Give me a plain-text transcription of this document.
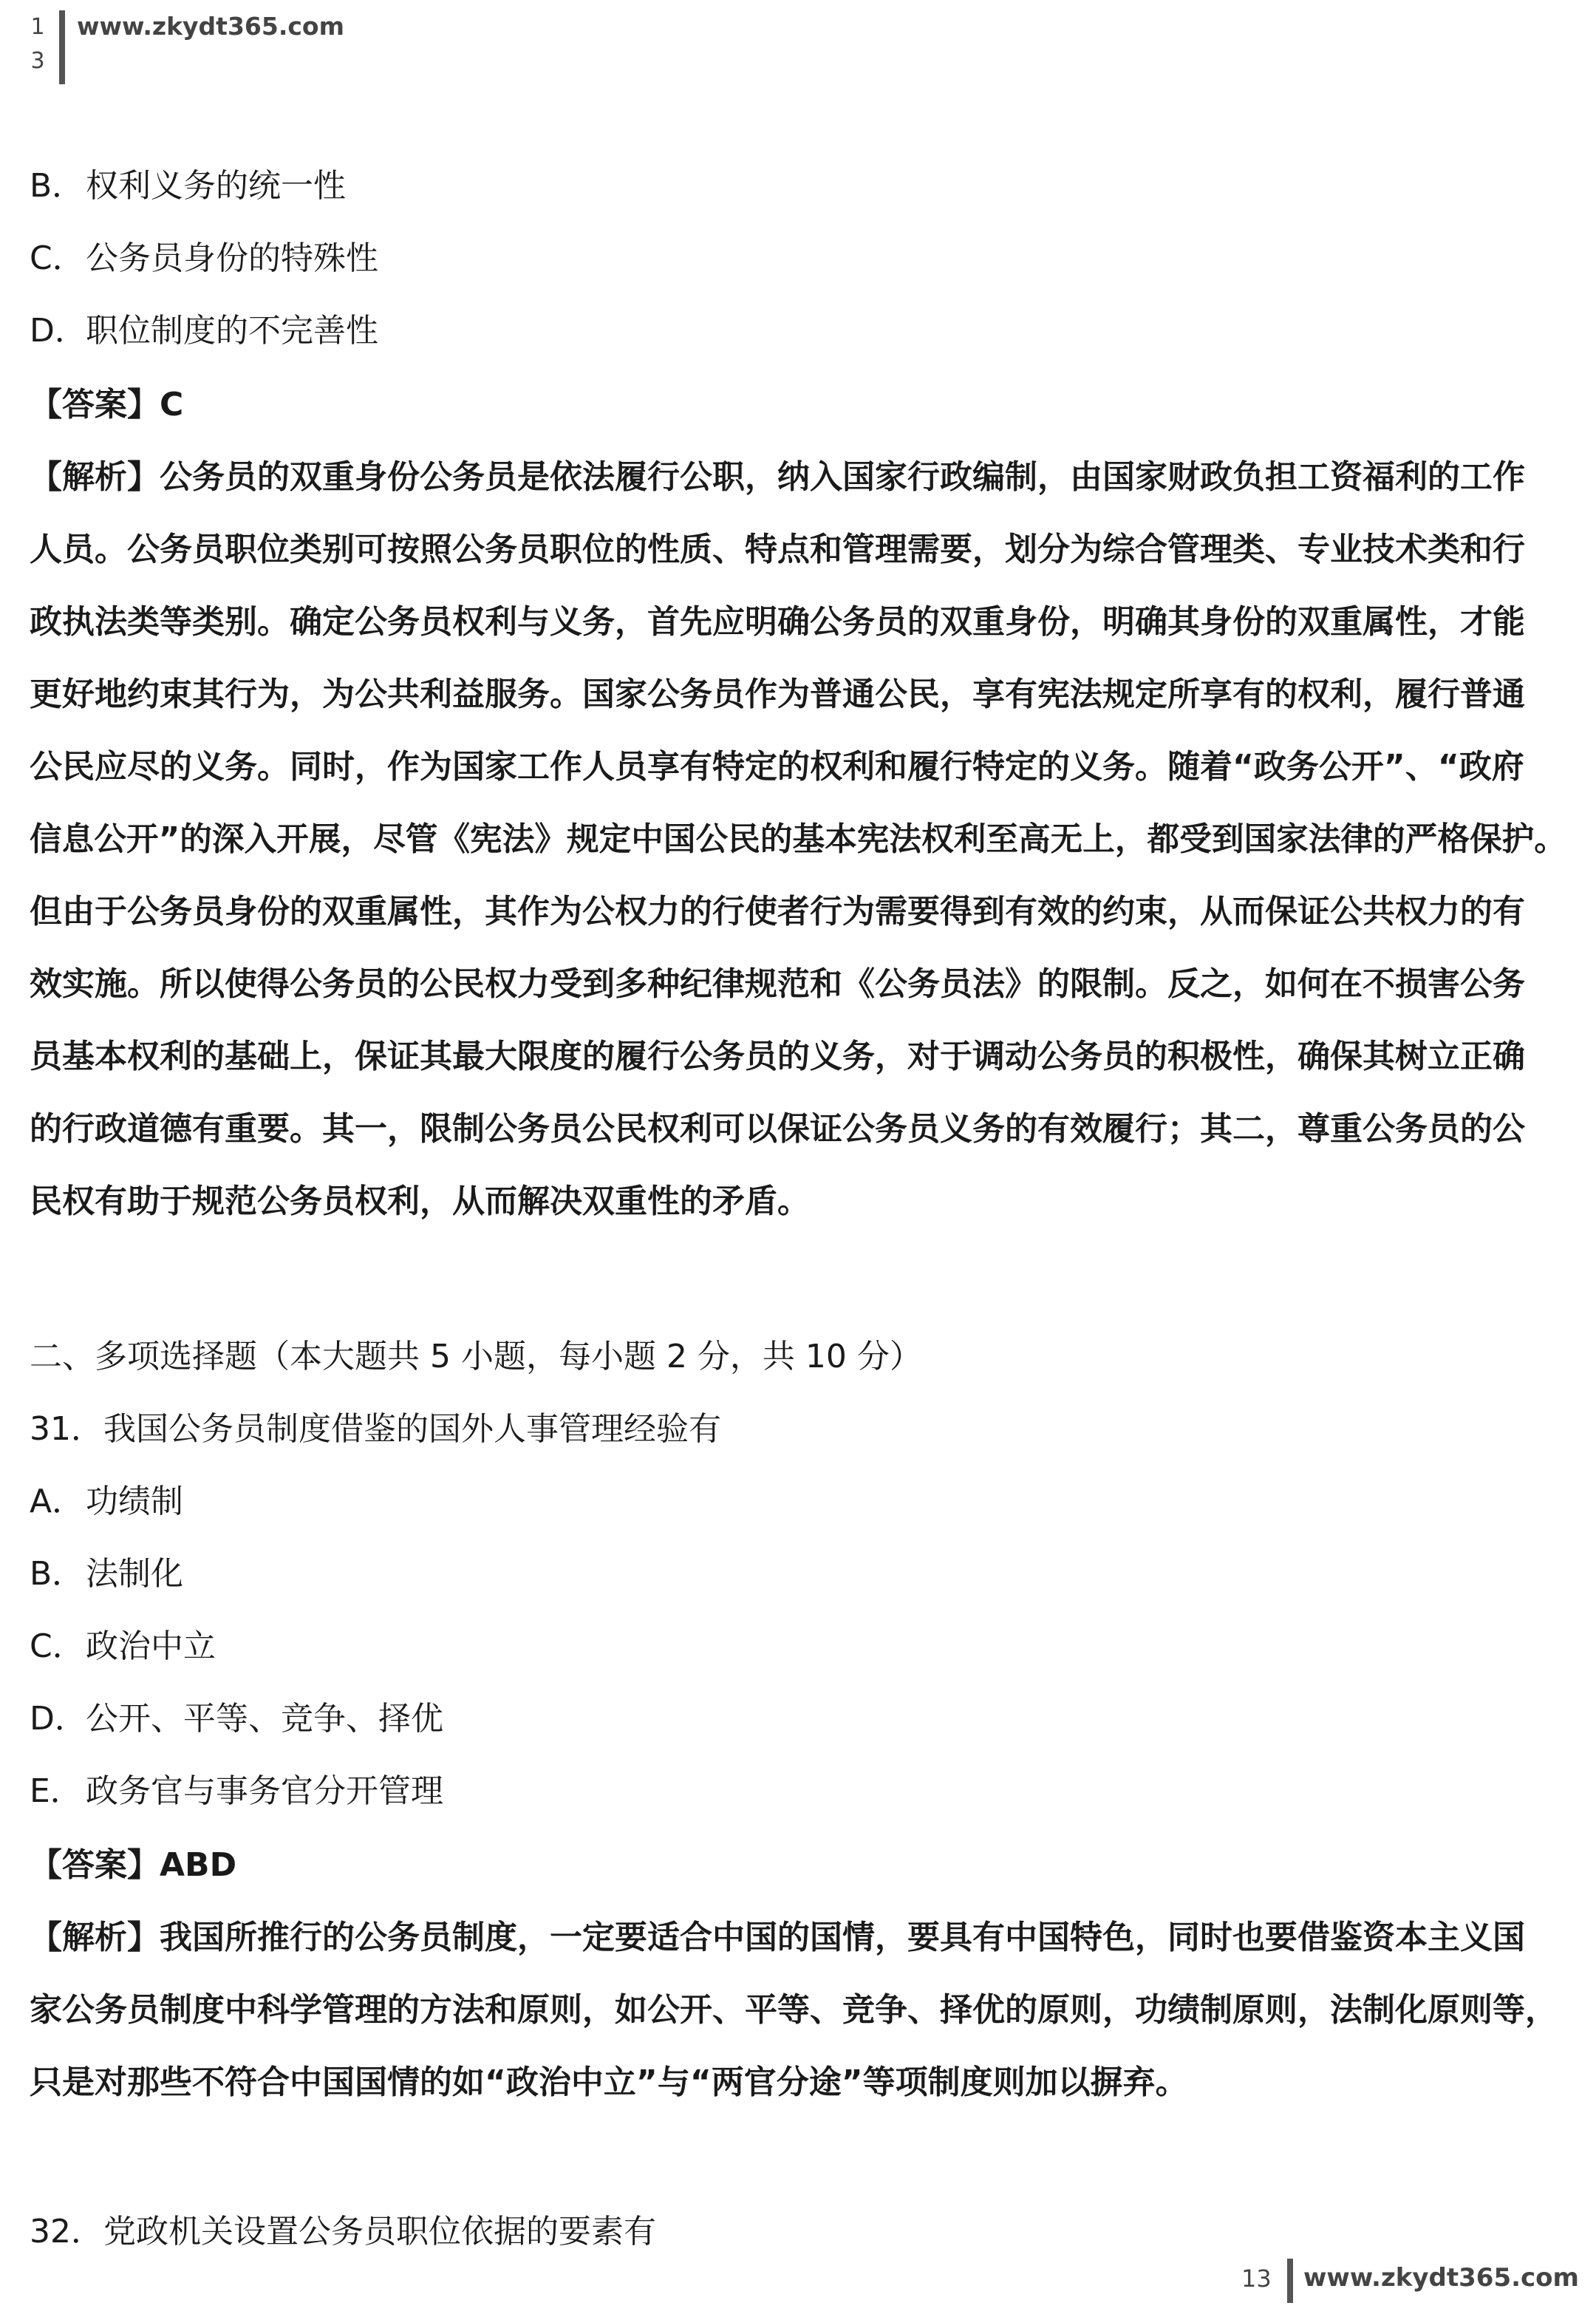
1
3
www.zkydt365.com
B．权利义务的统一性
C．公务员身份的特殊性
D．职位制度的不完善性
【答案】C
【解析】公务员的双重身份公务员是依法履行公职，纳入国家行政编制，由国家财政负担工资福利的工作
人员。公务员职位类别可按照公务员职位的性质、特点和管理需要，划分为综合管理类、专业技术类和行
政执法类等类别。确定公务员权利与义务，首先应明确公务员的双重身份，明确其身份的双重属性，才能
更好地约束其行为，为公共利益服务。国家公务员作为普通公民，享有宪法规定所享有的权利，履行普通
公民应尽的义务。同时，作为国家工作人员享有特定的权利和履行特定的义务。随着“政务公开”、“政府
信息公开”的深入开展，尽管《宪法》规定中国公民的基本宪法权利至高无上，都受到国家法律的严格保护。
但由于公务员身份的双重属性，其作为公权力的行使者行为需要得到有效的约束，从而保证公共权力的有
效实施。所以使得公务员的公民权力受到多种纪律规范和《公务员法》的限制。反之，如何在不损害公务
员基本权利的基础上，保证其最大限度的履行公务员的义务，对于调动公务员的积极性，确保其树立正确
的行政道德有重要。其一，限制公务员公民权利可以保证公务员义务的有效履行；其二，尊重公务员的公
民权有助于规范公务员权利，从而解决双重性的矛盾。
二、多项选择题（本大题共 5 小题，每小题 2 分，共 10 分）
31．我国公务员制度借鉴的国外人事管理经验有
A．功绩制
B．法制化
C．政治中立
D．公开、平等、竞争、择优
E．政务官与事务官分开管理
【答案】ABD
【解析】我国所推行的公务员制度，一定要适合中国的国情，要具有中国特色，同时也要借鉴资本主义国
家公务员制度中科学管理的方法和原则，如公开、平等、竞争、择优的原则，功绩制原则，法制化原则等，
只是对那些不符合中国国情的如“政治中立”与“两官分途”等项制度则加以摒弃。
32．党政机关设置公务员职位依据的要素有
13 www.zkydt365.com
